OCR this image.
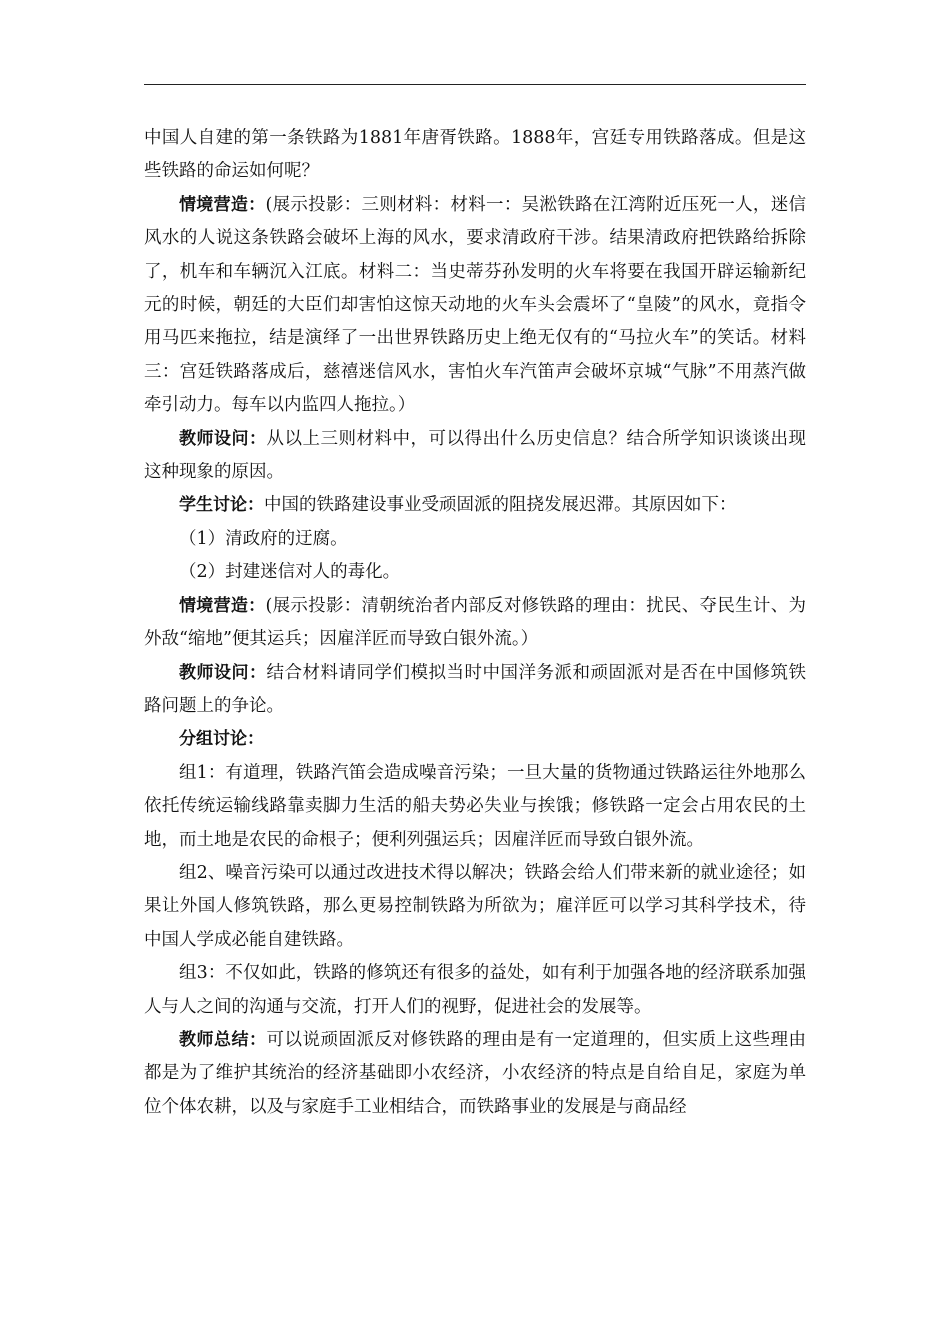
中国人自建的第一条铁路为1881年唐胥铁路。1888年，宫廷专用铁路落成。但是这些铁路的命运如何呢？

情境营造：(展示投影：三则材料：材料一：吴淞铁路在江湾附近压死一人，迷信风水的人说这条铁路会破坏上海的风水，要求清政府干涉。结果清政府把铁路给拆除了，机车和车辆沉入江底。材料二：当史蒂芬孙发明的火车将要在我国开辟运输新纪元的时候，朝廷的大臣们却害怕这惊天动地的火车头会震坏了“皇陵”的风水，竟指令用马匹来拖拉，结是演绎了一出世界铁路历史上绝无仅有的“马拉火车”的笑话。材料三：宫廷铁路落成后，慈禧迷信风水，害怕火车汽笛声会破坏京城“气脉”不用蒸汽做牵引动力。每车以内监四人拖拉。）

教师设问：从以上三则材料中，可以得出什么历史信息？结合所学知识谈谈出现这种现象的原因。

学生讨论：中国的铁路建设事业受顽固派的阻挠发展迟滞。其原因如下：

（1）清政府的迂腐。

（2）封建迷信对人的毒化。

情境营造：(展示投影：清朝统治者内部反对修铁路的理由：扰民、夺民生计、为外敌“缩地”便其运兵；因雇洋匠而导致白银外流。）

教师设问：结合材料请同学们模拟当时中国洋务派和顽固派对是否在中国修筑铁路问题上的争论。

分组讨论：

组1：有道理，铁路汽笛会造成噪音污染；一旦大量的货物通过铁路运往外地那么依托传统运输线路靠卖脚力生活的船夫势必失业与挨饿；修铁路一定会占用农民的土地，而土地是农民的命根子；便利列强运兵；因雇洋匠而导致白银外流。

组2、噪音污染可以通过改进技术得以解决；铁路会给人们带来新的就业途径；如果让外国人修筑铁路，那么更易控制铁路为所欲为；雇洋匠可以学习其科学技术，待中国人学成必能自建铁路。

组3：不仅如此，铁路的修筑还有很多的益处，如有利于加强各地的经济联系加强人与人之间的沟通与交流，打开人们的视野，促进社会的发展等。

教师总结：可以说顽固派反对修铁路的理由是有一定道理的，但实质上这些理由都是为了维护其统治的经济基础即小农经济，小农经济的特点是自给自足，家庭为单位个体农耕，以及与家庭手工业相结合，而铁路事业的发展是与商品经
